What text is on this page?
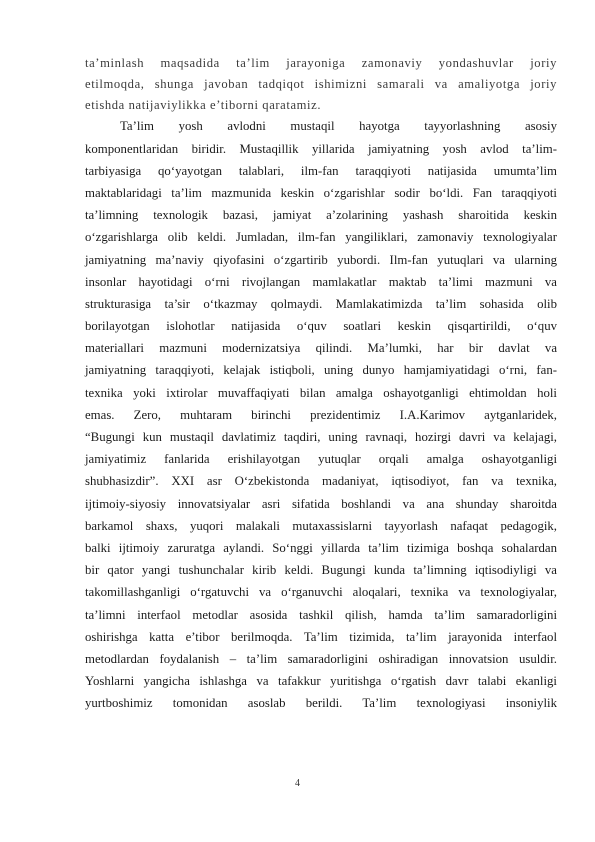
ta’minlash maqsadida ta’lim jarayoniga zamonaviy yondashuvlar joriy
etilmoqda, shunga javoban tadqiqot ishimizni samarali va amaliyotga joriy
etishda natijaviylikka e’tiborni qaratamiz.
Ta’lim yosh avlodni mustaqil hayotga tayyorlashning asosiy
komponentlaridan biridir. Mustaqillik yillarida jamiyatning yosh avlod ta’lim-
tarbiyasiga qo‘yayotgan talablari, ilm-fan taraqqiyoti natijasida umumta’lim
maktablaridagi ta’lim mazmunida keskin o‘zgarishlar sodir bo‘ldi. Fan taraqqiyoti
ta’limning texnologik bazasi, jamiyat a’zolarining yashash sharoitida keskin
o‘zgarishlarga olib keldi. Jumladan, ilm-fan yangiliklari, zamonaviy texnologiyalar
jamiyatning ma’naviy qiyofasini o‘zgartirib yubordi. Ilm-fan yutuqlari va ularning
insonlar hayotidagi o‘rni rivojlangan mamlakatlar maktab ta’limi mazmuni va
strukturasiga ta’sir o‘tkazmay qolmaydi. Mamlakatimizda ta’lim sohasida olib
borilayotgan islohotlar natijasida o‘quv soatlari keskin qisqartirildi, o‘quv
materiallari mazmuni modernizatsiya qilindi. Ma’lumki, har bir davlat va
jamiyatning taraqqiyoti, kelajak istiqboli, uning dunyo hamjamiyatidagi o‘rni, fan-
texnika yoki ixtirolar muvaffaqiyati bilan amalga oshayotganligi ehtimoldan holi
emas. Zero, muhtaram birinchi prezidentimiz I.A.Karimov aytganlaridek,
“Bugungi kun mustaqil davlatimiz taqdiri, uning ravnaqi, hozirgi davri va kelajagi,
jamiyatimiz fanlarida erishilayotgan yutuqlar orqali amalga oshayotganligi
shubhasizdir”. XXI asr O‘zbekistonda madaniyat, iqtisodiyot, fan va texnika,
ijtimoiy-siyosiy innovatsiyalar asri sifatida boshlandi va ana shunday sharoitda
barkamol shaxs, yuqori malakali mutaxassislarni tayyorlash nafaqat pedagogik,
balki ijtimoiy zaruratga aylandi. So‘nggi yillarda ta’lim tizimiga boshqa sohalardan
bir qator yangi tushunchalar kirib keldi. Bugungi kunda ta’limning iqtisodiyligi va
takomillashganligi o‘rgatuvchi va o‘rganuvchi aloqalari, texnika va texnologiyalar,
ta’limni interfaol metodlar asosida tashkil qilish, hamda ta’lim samaradorligini
oshirishga katta e’tibor berilmoqda. Ta’lim tizimida, ta’lim jarayonida interfaol
metodlardan foydalanish – ta’lim samaradorligini oshiradigan innovatsion usuldir.
Yoshlarni yangicha ishlashga va tafakkur yuritishga o‘rgatish davr talabi ekanligi
yurtboshimiz tomonidan asoslab berildi. Ta’lim texnologiyasi insoniylik
4
